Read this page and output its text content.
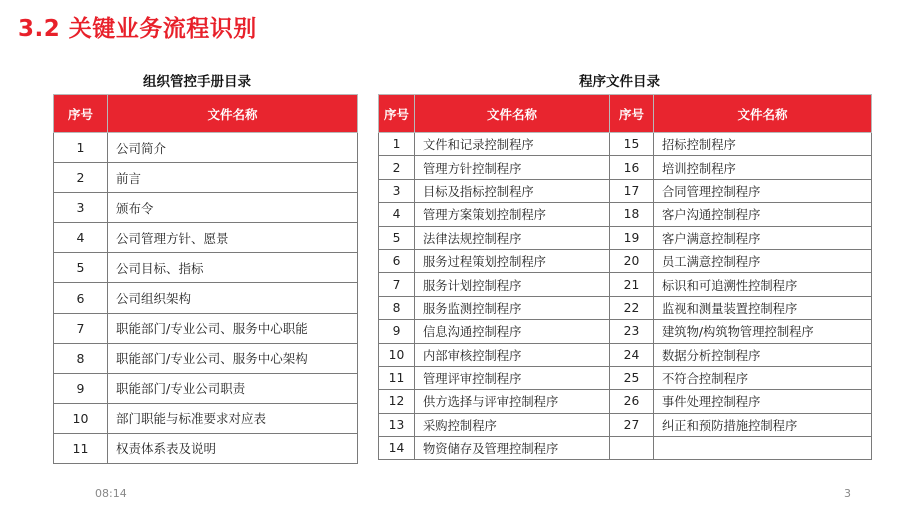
3.2 关键业务流程识别
组织管控手册目录	程序文件目录
序号	文件名称
1	公司简介
2	前言
3	颁布令
4	公司管理方针、愿景
5	公司目标、指标
6	公司组织架构
7	职能部门/专业公司、服务中心职能
8	职能部门/专业公司、服务中心架构
9	职能部门/专业公司职责
10	部门职能与标准要求对应表
11	权责体系表及说明
序号	文件名称	序号	文件名称
1	文件和记录控制程序	15	招标控制程序
2	管理方针控制程序	16	培训控制程序
3	目标及指标控制程序	17	合同管理控制程序
4	管理方案策划控制程序	18	客户沟通控制程序
5	法律法规控制程序	19	客户满意控制程序
6	服务过程策划控制程序	20	员工满意控制程序
7	服务计划控制程序	21	标识和可追溯性控制程序
8	服务监测控制程序	22	监视和测量装置控制程序
9	信息沟通控制程序	23	建筑物/构筑物管理控制程序
10	内部审核控制程序	24	数据分析控制程序
11	管理评审控制程序	25	不符合控制程序
12	供方选择与评审控制程序	26	事件处理控制程序
13	采购控制程序	27	纠正和预防措施控制程序
14	物资储存及管理控制程序		
08:14	3
